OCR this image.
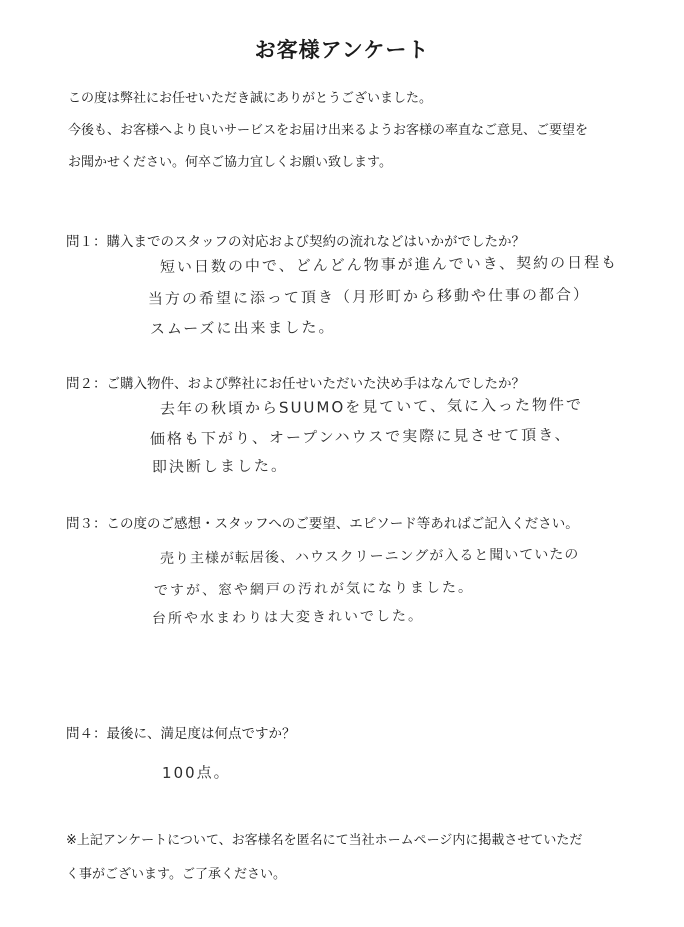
お客様アンケート
この度は弊社にお任せいただき誠にありがとうございました。
今後も、お客様へより良いサービスをお届け出来るようお客様の率直なご意見、ご要望を
お聞かせください。何卒ご協力宜しくお願い致します。
問１：購入までのスタッフの対応および契約の流れなどはいかがでしたか？
短い日数の中で、どんどん物事が進んでいき、契約の日程も
当方の希望に添って頂き（月形町から移動や仕事の都合）
スムーズに出来ました。
問２：ご購入物件、および弊社にお任せいただいた決め手はなんでしたか？
去年の秋頃からSUUMOを見ていて、気に入った物件で
価格も下がり、オープンハウスで実際に見させて頂き、
即決断しました。
問３：この度のご感想・スタッフへのご要望、エピソード等あればご記入ください。
売り主様が転居後、ハウスクリーニングが入ると聞いていたの
ですが、窓や網戸の汚れが気になりました。
台所や水まわりは大変きれいでした。
問４：最後に、満足度は何点ですか？
100点。
※上記アンケートについて、お客様名を匿名にて当社ホームページ内に掲載させていただ
く事がございます。ご了承ください。
